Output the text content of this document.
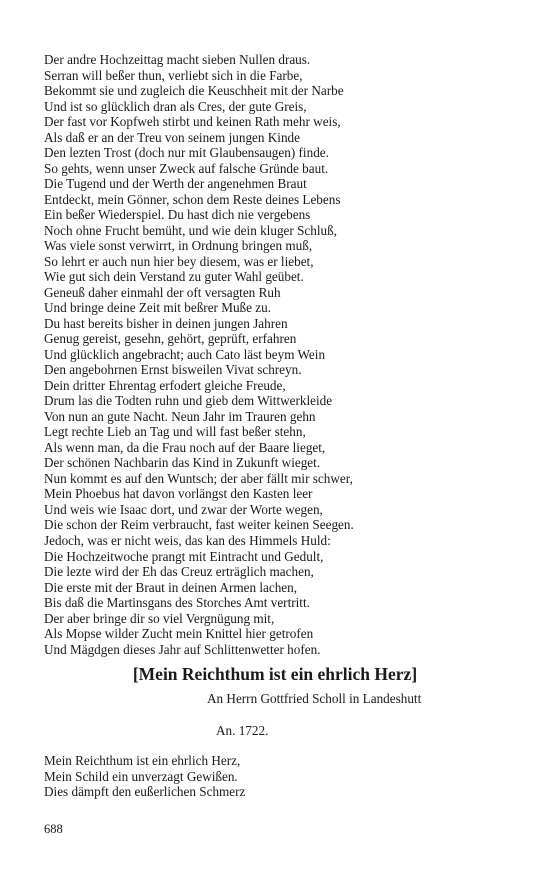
Der andre Hochzeittag macht sieben Nullen draus.
Serran will beßer thun, verliebt sich in die Farbe,
Bekommt sie und zugleich die Keuschheit mit der Narbe
Und ist so glücklich dran als Cres, der gute Greis,
Der fast vor Kopfweh stirbt und keinen Rath mehr weis,
Als daß er an der Treu von seinem jungen Kinde
Den lezten Trost (doch nur mit Glaubensaugen) finde.
So gehts, wenn unser Zweck auf falsche Gründe baut.
Die Tugend und der Werth der angenehmen Braut
Entdeckt, mein Gönner, schon dem Reste deines Lebens
Ein beßer Wiederspiel. Du hast dich nie vergebens
Noch ohne Frucht bemüht, und wie dein kluger Schluß,
Was viele sonst verwirrt, in Ordnung bringen muß,
So lehrt er auch nun hier bey diesem, was er liebet,
Wie gut sich dein Verstand zu guter Wahl geübet.
Geneuß daher einmahl der oft versagten Ruh
Und bringe deine Zeit mit beßrer Muße zu.
Du hast bereits bisher in deinen jungen Jahren
Genug gereist, gesehn, gehört, geprüft, erfahren
Und glücklich angebracht; auch Cato läst beym Wein
Den angebohrnen Ernst bisweilen Vivat schreyn.
Dein dritter Ehrentag erfodert gleiche Freude,
Drum las die Todten ruhn und gieb dem Wittwerkleide
Von nun an gute Nacht. Neun Jahr im Trauren gehn
Legt rechte Lieb an Tag und will fast beßer stehn,
Als wenn man, da die Frau noch auf der Baare lieget,
Der schönen Nachbarin das Kind in Zukunft wieget.
Nun kommt es auf den Wuntsch; der aber fällt mir schwer,
Mein Phoebus hat davon vorlängst den Kasten leer
Und weis wie Isaac dort, und zwar der Worte wegen,
Die schon der Reim verbraucht, fast weiter keinen Seegen.
Jedoch, was er nicht weis, das kan des Himmels Huld:
Die Hochzeitwoche prangt mit Eintracht und Gedult,
Die lezte wird der Eh das Creuz erträglich machen,
Die erste mit der Braut in deinen Armen lachen,
Bis daß die Martinsgans des Storches Amt vertritt.
Der aber bringe dir so viel Vergnügung mit,
Als Mopse wilder Zucht mein Knittel hier getrofen
Und Mägdgen dieses Jahr auf Schlittenwetter hofen.
[Mein Reichthum ist ein ehrlich Herz]
An Herrn Gottfried Scholl in Landeshutt
An. 1722.
Mein Reichthum ist ein ehrlich Herz,
Mein Schild ein unverzagt Gewißen.
Dies dämpft den eußerlichen Schmerz
688
